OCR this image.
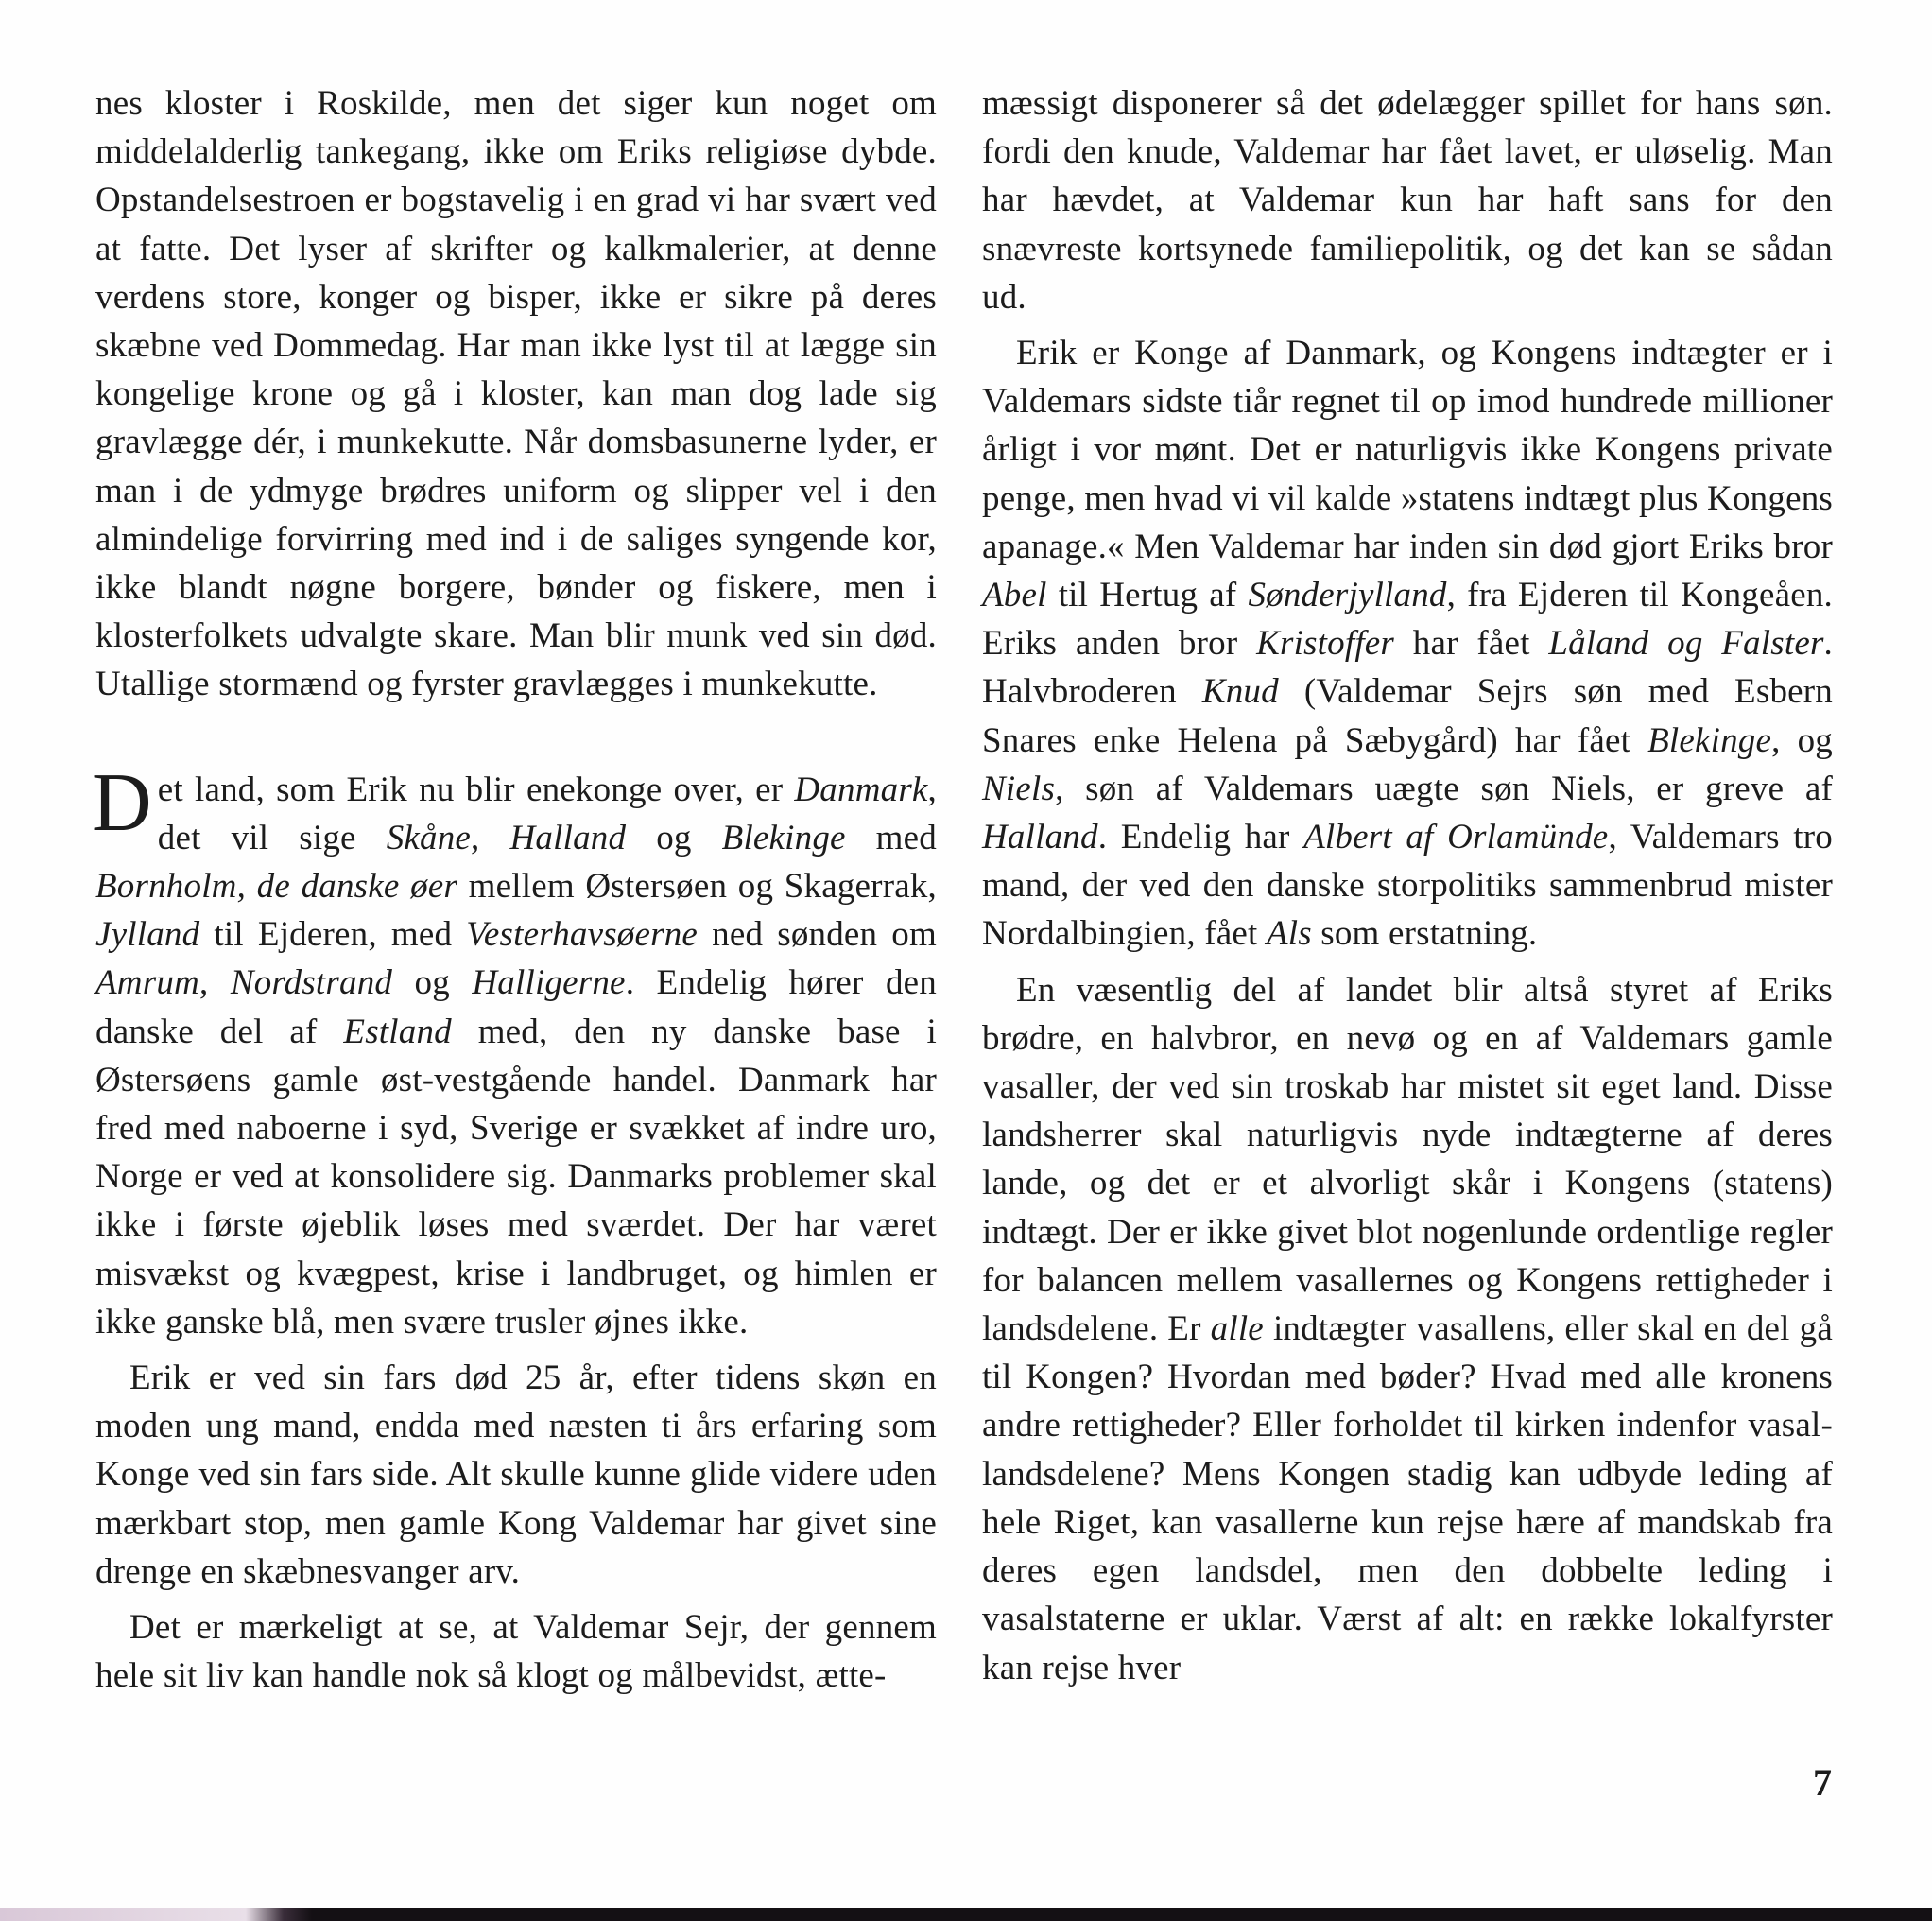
nes kloster i Roskilde, men det siger kun noget om middelalderlig tankegang, ikke om Eriks religiøse dybde. Opstandelsestroen er bogstavelig i en grad vi har svært ved at fatte. Det lyser af skrifter og kalkmalerier, at denne verdens store, konger og bisper, ikke er sikre på deres skæbne ved Dommedag. Har man ikke lyst til at lægge sin kongelige krone og gå i kloster, kan man dog lade sig gravlægge dér, i munkekutte. Når domsbasunerne lyder, er man i de ydmyge brødres uniform og slipper vel i den almindelige forvirring med ind i de saliges syngende kor, ikke blandt nøgne borgere, bønder og fiskere, men i klosterfolkets udvalgte skare. Man blir munk ved sin død. Utallige stormænd og fyrster gravlægges i munkekutte.

Det land, som Erik nu blir enekonge over, er Danmark, det vil sige Skåne, Halland og Blekinge med Bornholm, de danske øer mellem Østersøen og Skagerrak, Jylland til Ejderen, med Vesterhavsøerne ned sønden om Amrum, Nordstrand og Halligerne. Endelig hører den danske del af Estland med, den ny danske base i Østersøens gamle øst-vestgående handel. Danmark har fred med naboerne i syd, Sverige er svækket af indre uro, Norge er ved at konsolidere sig. Danmarks problemer skal ikke i første øjeblik løses med sværdet. Der har været misvækst og kvægpest, krise i landbruget, og himlen er ikke ganske blå, men svære trusler øjnes ikke.

Erik er ved sin fars død 25 år, efter tidens skøn en moden ung mand, endda med næsten ti års erfaring som Konge ved sin fars side. Alt skulle kunne glide videre uden mærkbart stop, men gamle Kong Valdemar har givet sine drenge en skæbnesvanger arv.

Det er mærkeligt at se, at Valdemar Sejr, der gennem hele sit liv kan handle nok så klogt og målbevidst, ætte-

mæssigt disponerer så det ødelægger spillet for hans søn. fordi den knude, Valdemar har fået lavet, er uløselig. Man har hævdet, at Valdemar kun har haft sans for den snævreste kortsynede familiepolitik, og det kan se sådan ud.

Erik er Konge af Danmark, og Kongens indtægter er i Valdemars sidste tiår regnet til op imod hundrede millioner årligt i vor mønt. Det er naturligvis ikke Kongens private penge, men hvad vi vil kalde »statens indtægt plus Kongens apanage.« Men Valdemar har inden sin død gjort Eriks bror Abel til Hertug af Sønderjylland, fra Ejderen til Kongeåen. Eriks anden bror Kristoffer har fået Låland og Falster. Halvbroderen Knud (Valdemar Sejrs søn med Esbern Snares enke Helena på Sæbygård) har fået Blekinge, og Niels, søn af Valdemars uægte søn Niels, er greve af Halland. Endelig har Albert af Orlamünde, Valdemars tro mand, der ved den danske storpolitiks sammenbrud mister Nordalbingien, fået Als som erstatning.

En væsentlig del af landet blir altså styret af Eriks brødre, en halvbror, en nevø og en af Valdemars gamle vasaller, der ved sin troskab har mistet sit eget land. Disse landsherrer skal naturligvis nyde indtægterne af deres lande, og det er et alvorligt skår i Kongens (statens) indtægt. Der er ikke givet blot nogenlunde ordentlige regler for balancen mellem vasallernes og Kongens rettigheder i landsdelene. Er alle indtægter vasallens, eller skal en del gå til Kongen? Hvordan med bøder? Hvad med alle kronens andre rettigheder? Eller forholdet til kirken indenfor vasal-landsdelene? Mens Kongen stadig kan udbyde leding af hele Riget, kan vasallerne kun rejse hære af mandskab fra deres egen landsdel, men den dobbelte leding i vasalstaterne er uklar. Værst af alt: en række lokalfyrster kan rejse hver

7
